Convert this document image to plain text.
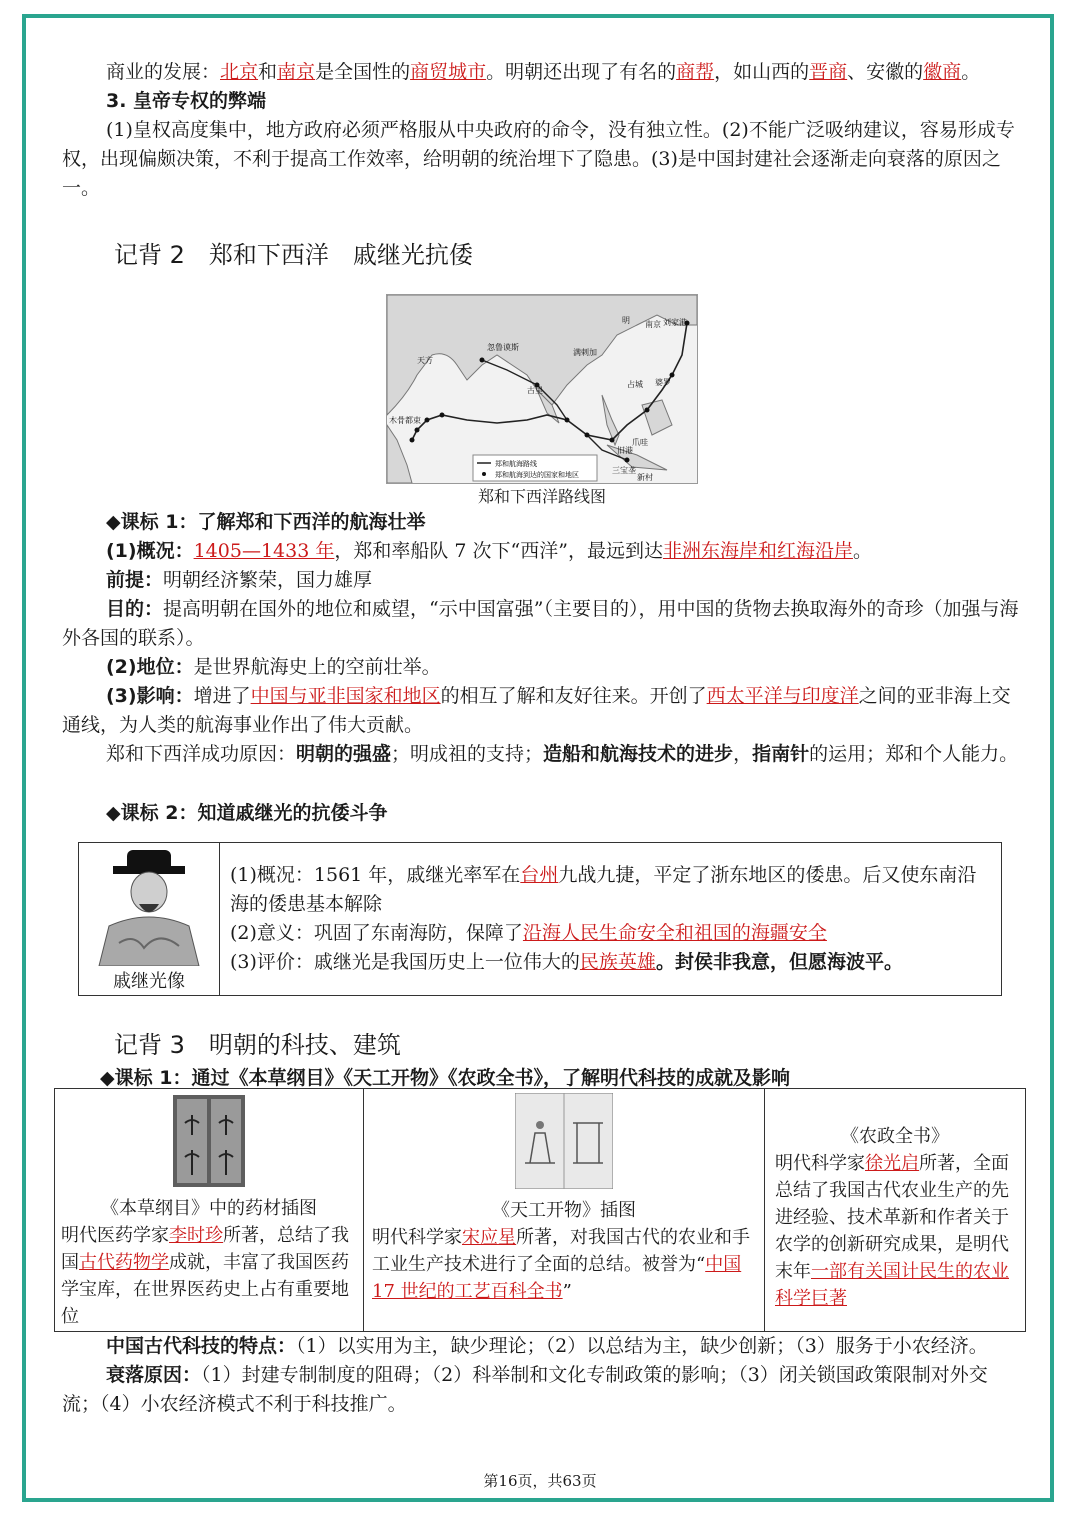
商业的发展：北京和南京是全国性的商贸城市。明朝还出现了有名的商帮，如山西的晋商、安徽的徽商。

3. 皇帝专权的弊端

(1)皇权高度集中，地方政府必须严格服从中央政府的命令，没有独立性。(2)不能广泛吸纳建议，容易形成专权，出现偏颇决策，不利于提高工作效率，给明朝的统治埋下了隐患。(3)是中国封建社会逐渐走向衰落的原因之一。

记背 2　郑和下西洋　戚继光抗倭

明 南京 刘家港
天方
旧港
古里
满剌加
木骨都束
占城
爪哇
三宝垄
新村
忽鲁谟斯
婆罗
郑和航海路线
郑和航海到达的国家和地区
郑和下西洋路线图

◆课标 1：了解郑和下西洋的航海壮举

(1)概况：1405—1433 年，郑和率船队 7 次下“西洋”，最远到达非洲东海岸和红海沿岸。

前提：明朝经济繁荣，国力雄厚

目的：提高明朝在国外的地位和威望，“示中国富强”（主要目的），用中国的货物去换取海外的奇珍（加强与海外各国的联系）。

(2)地位：是世界航海史上的空前壮举。

(3)影响：增进了中国与亚非国家和地区的相互了解和友好往来。开创了西太平洋与印度洋之间的亚非海上交通线，为人类的航海事业作出了伟大贡献。

郑和下西洋成功原因：明朝的强盛；明成祖的支持；造船和航海技术的进步，指南针的运用；郑和个人能力。

◆课标 2：知道戚继光的抗倭斗争

戚继光像

(1)概况：1561 年，戚继光率军在台州九战九捷，平定了浙东地区的倭患。后又使东南沿海的倭患基本解除

(2)意义：巩固了东南海防，保障了沿海人民生命安全和祖国的海疆安全

(3)评价：戚继光是我国历史上一位伟大的民族英雄。封侯非我意，但愿海波平。

记背 3　明朝的科技、建筑

◆课标 1：通过《本草纲目》《天工开物》《农政全书》，了解明代科技的成就及影响

《本草纲目》中的药材插图

明代医药学家李时珍所著，总结了我国古代药物学成就，丰富了我国医药学宝库，在世界医药史上占有重要地位

《天工开物》插图

明代科学家宋应星所著，对我国古代的农业和手工业生产技术进行了全面的总结。被誉为“中国 17 世纪的工艺百科全书”

《农政全书》

明代科学家徐光启所著，全面总结了我国古代农业生产的先进经验、技术革新和作者关于农学的创新研究成果，是明代末年一部有关国计民生的农业科学巨著

中国古代科技的特点：（1）以实用为主，缺少理论；（2）以总结为主，缺少创新；（3）服务于小农经济。

衰落原因：（1）封建专制制度的阻碍；（2）科举制和文化专制政策的影响；（3）闭关锁国政策限制对外交流；（4）小农经济模式不利于科技推广。

第16页，共63页
